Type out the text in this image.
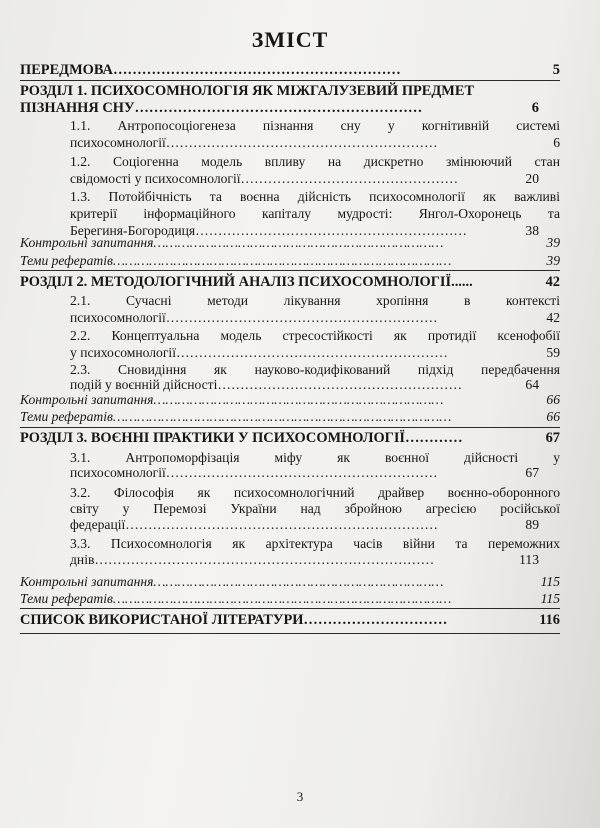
ЗМІСТ
ПЕРЕДМОВА……………………………………………………	5
РОЗДІЛ 1. ПСИХОСОМНОЛОГІЯ ЯК МІЖГАЛУЗЕВИЙ ПРЕДМЕТ
ПІЗНАННЯ СНУ……………………………………………………	6
1.1. Антропосоціогенеза пізнання сну у когнітивній системі
психосомнології……………………………………………………	6
1.2. Соціогенна модель впливу на дискретно змінюючий стан
свідомості у психосомнології…………………………………………	20
1.3. Потойбічність та воєнна дійсність психосомнології як важливі
критерії інформаційного капіталу мудрості: Янгол-Охоронець та
Берегиня-Богородиця……………………………………………………	38
Контрольні запитання………………………………………………………………	39
Теми рефератів…………………………………………………………………………	39
РОЗДІЛ 2. МЕТОДОЛОГІЧНИЙ АНАЛІЗ ПСИХОСОМНОЛОГІЇ......	42
2.1. Сучасні методи лікування хропіння в контексті
психосомнології……………………………………………………	42
2.2. Концептуальна модель стресостійкості як протидії ксенофобії
у психосомнології……………………………………………………	59
2.3. Сновидіння як науково-кодифікований підхід передбачення
подій у воєнній дійсності………………………………………………	64
Контрольні запитання………………………………………………………………	66
Теми рефератів…………………………………………………………………………	66
РОЗДІЛ 3. ВОЄННІ ПРАКТИКИ У ПСИХОСОМНОЛОГІЇ…………	67
3.1. Антропоморфізація міфу як воєнної дійсності у
психосомнології……………………………………………………	67
3.2. Філософія як психосомнологічний драйвер воєнно-оборонного
світу у Перемозі України над збройною агресією російської
федерації……………………………………………………………	89
3.3. Психосомнологія як архітектура часів війни та переможних
днів…………………………………………………………………	113
Контрольні запитання………………………………………………………………	115
Теми рефератів…………………………………………………………………………	115
СПИСОК ВИКОРИСТАНОЇ ЛІТЕРАТУРИ…………………………	116
3
